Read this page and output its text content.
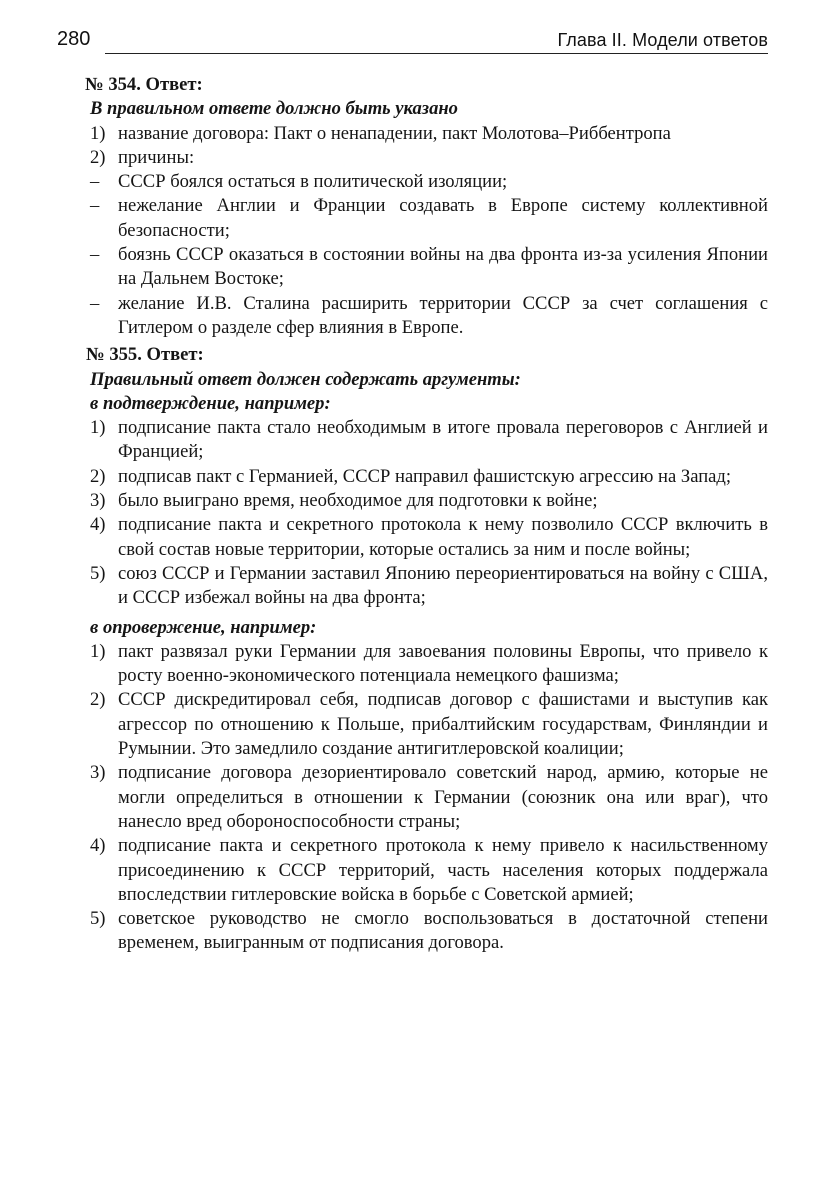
280	Глава II. Модели ответов

№ 354. Ответ:

В правильном ответе должно быть указано

1) название договора: Пакт о ненападении, пакт Молотова–Риббентропа
2) причины:
–	СССР боялся остаться в политической изоляции;
–	нежелание Англии и Франции создавать в Европе систему коллективной безопасности;
–	боязнь СССР оказаться в состоянии войны на два фронта из-за усиления Японии на Дальнем Востоке;
–	желание И.В. Сталина расширить территории СССР за счет соглашения с Гитлером о разделе сфер влияния в Европе.

№ 355. Ответ:

Правильный ответ должен содержать аргументы:

в подтверждение, например:

1) подписание пакта стало необходимым в итоге провала переговоров с Англией и Францией;
2) подписав пакт с Германией, СССР направил фашистскую агрессию на Запад;
3) было выиграно время, необходимое для подготовки к войне;
4) подписание пакта и секретного протокола к нему позволило СССР включить в свой состав новые территории, которые остались за ним и после войны;
5) союз СССР и Германии заставил Японию переориентироваться на войну с США, и СССР избежал войны на два фронта;

в опровержение, например:

1) пакт развязал руки Германии для завоевания половины Европы, что привело к росту военно-экономического потенциала немецкого фашизма;
2) СССР дискредитировал себя, подписав договор с фашистами и выступив как агрессор по отношению к Польше, прибалтийским государствам, Финляндии и Румынии. Это замедлило создание антигитлеровской коалиции;
3) подписание договора дезориентировало советский народ, армию, которые не могли определиться в отношении к Германии (союзник она или враг), что нанесло вред обороноспособности страны;
4) подписание пакта и секретного протокола к нему привело к насильственному присоединению к СССР территорий, часть населения которых поддержала впоследствии гитлеровские войска в борьбе с Советской армией;
5) советское руководство не смогло воспользоваться в достаточной степени временем, выигранным от подписания договора.
